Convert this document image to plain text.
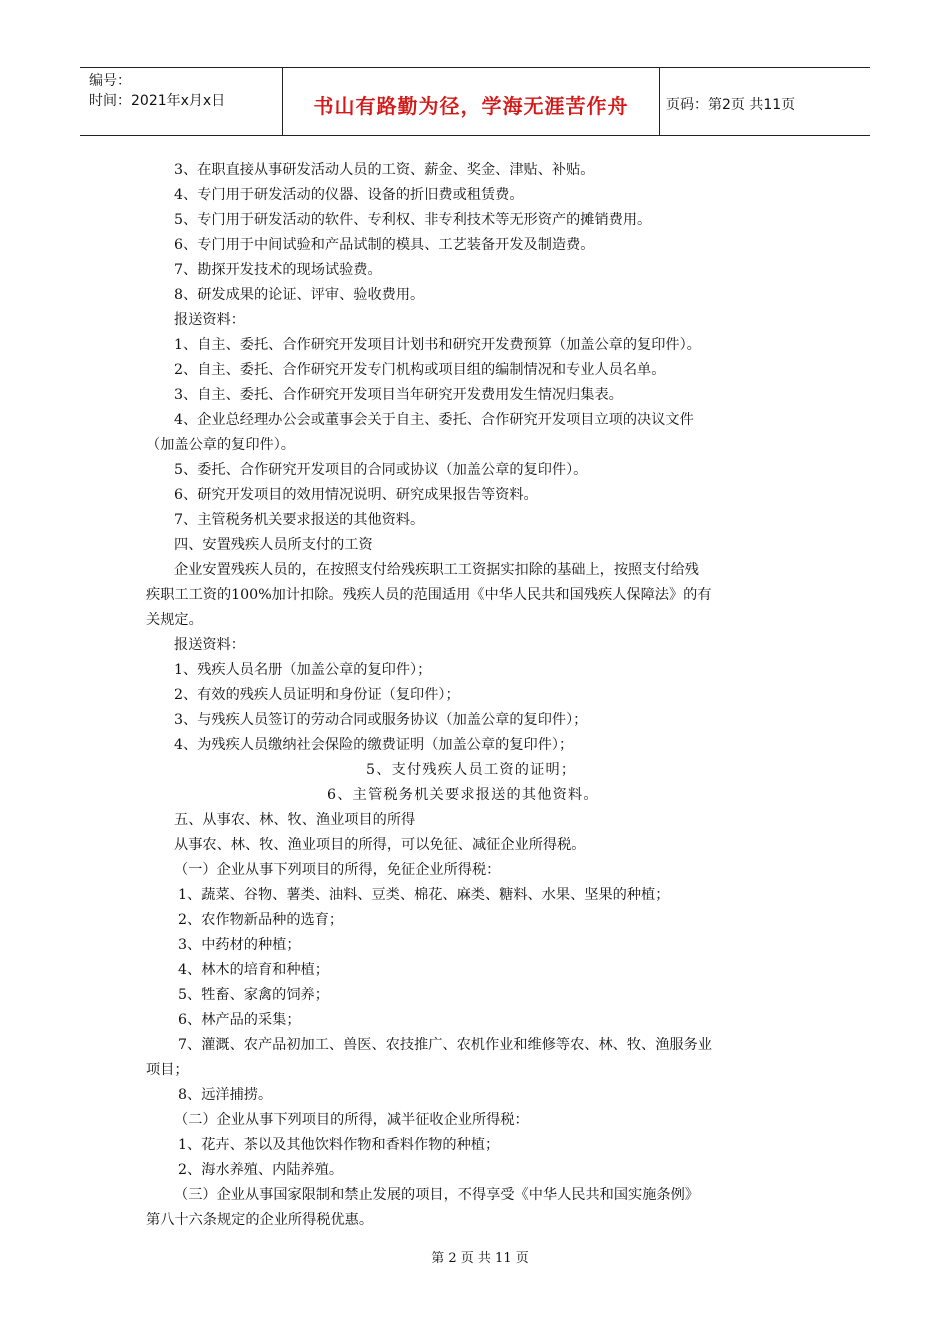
编号：
时间：2021年x月x日	书山有路勤为径，学海无涯苦作舟	页码：第2页 共11页
3、在职直接从事研发活动人员的工资、薪金、奖金、津贴、补贴。
4、专门用于研发活动的仪器、设备的折旧费或租赁费。
5、专门用于研发活动的软件、专利权、非专利技术等无形资产的摊销费用。
6、专门用于中间试验和产品试制的模具、工艺装备开发及制造费。
7、勘探开发技术的现场试验费。
8、研发成果的论证、评审、验收费用。
报送资料：
1、自主、委托、合作研究开发项目计划书和研究开发费预算（加盖公章的复印件）。
2、自主、委托、合作研究开发专门机构或项目组的编制情况和专业人员名单。
3、自主、委托、合作研究开发项目当年研究开发费用发生情况归集表。
4、企业总经理办公会或董事会关于自主、委托、合作研究开发项目立项的决议文件
（加盖公章的复印件）。
5、委托、合作研究开发项目的合同或协议（加盖公章的复印件）。
6、研究开发项目的效用情况说明、研究成果报告等资料。
7、主管税务机关要求报送的其他资料。
四、安置残疾人员所支付的工资
企业安置残疾人员的，在按照支付给残疾职工工资据实扣除的基础上，按照支付给残
疾职工工资的100%加计扣除。残疾人员的范围适用《中华人民共和国残疾人保障法》的有
关规定。
报送资料：
1、残疾人员名册（加盖公章的复印件）；
2、有效的残疾人员证明和身份证（复印件）；
3、与残疾人员签订的劳动合同或服务协议（加盖公章的复印件）；
4、为残疾人员缴纳社会保险的缴费证明（加盖公章的复印件）；
5、支付残疾人员工资的证明；
6、主管税务机关要求报送的其他资料。
五、从事农、林、牧、渔业项目的所得
从事农、林、牧、渔业项目的所得，可以免征、减征企业所得税。
（一）企业从事下列项目的所得，免征企业所得税：
1、蔬菜、谷物、薯类、油料、豆类、棉花、麻类、糖料、水果、坚果的种植；
2、农作物新品种的选育；
3、中药材的种植；
4、林木的培育和种植；
5、牲畜、家禽的饲养；
6、林产品的采集；
7、灌溉、农产品初加工、兽医、农技推广、农机作业和维修等农、林、牧、渔服务业
项目；
8、远洋捕捞。
（二）企业从事下列项目的所得，减半征收企业所得税：
1、花卉、茶以及其他饮料作物和香料作物的种植；
2、海水养殖、内陆养殖。
（三）企业从事国家限制和禁止发展的项目，不得享受《中华人民共和国实施条例》
第八十六条规定的企业所得税优惠。
第 2 页 共 11 页
